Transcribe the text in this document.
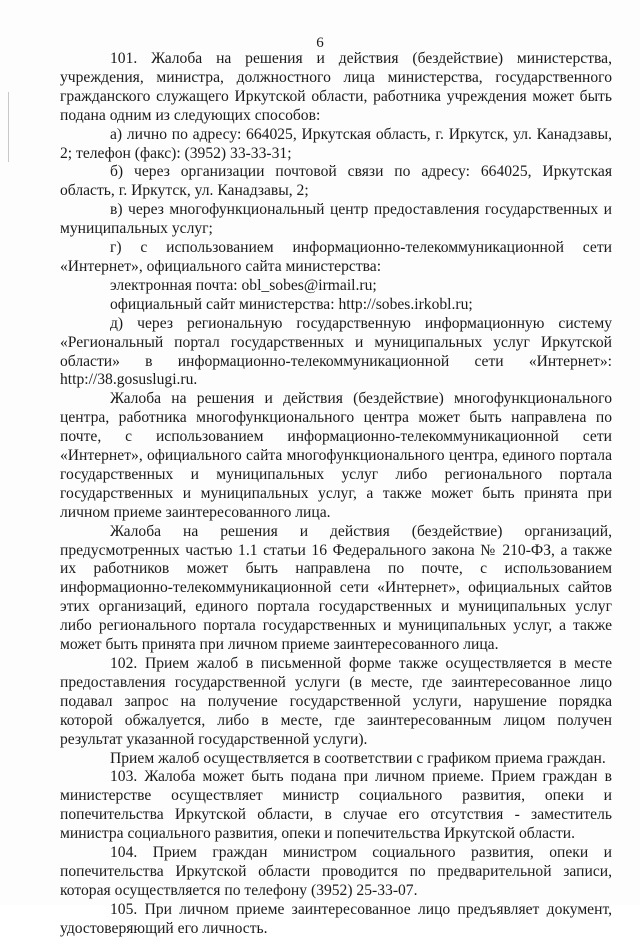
6

101. Жалоба на решения и действия (бездействие) министерства, учреждения, министра, должностного лица министерства, государственного гражданского служащего Иркутской области, работника учреждения может быть подана одним из следующих способов:

а) лично по адресу: 664025, Иркутская область, г. Иркутск, ул. Канадзавы, 2; телефон (факс): (3952) 33-33-31;

б) через организации почтовой связи по адресу: 664025, Иркутская область, г. Иркутск, ул. Канадзавы, 2;

в) через многофункциональный центр предоставления государственных и муниципальных услуг;

г) с использованием информационно-телекоммуникационной сети «Интернет», официального сайта министерства:

электронная почта: obl_sobes@irmail.ru;

официальный сайт министерства: http://sobes.irkobl.ru;

д) через региональную государственную информационную систему «Региональный портал государственных и муниципальных услуг Иркутской области» в информационно-телекоммуникационной сети «Интернет»: http://38.gosuslugi.ru.

Жалоба на решения и действия (бездействие) многофункционального центра, работника многофункционального центра может быть направлена по почте, с использованием информационно-телекоммуникационной сети «Интернет», официального сайта многофункционального центра, единого портала государственных и муниципальных услуг либо регионального портала государственных и муниципальных услуг, а также может быть принята при личном приеме заинтересованного лица.

Жалоба на решения и действия (бездействие) организаций, предусмотренных частью 1.1 статьи 16 Федерального закона № 210-ФЗ, а также их работников может быть направлена по почте, с использованием информационно-телекоммуникационной сети «Интернет», официальных сайтов этих организаций, единого портала государственных и муниципальных услуг либо регионального портала государственных и муниципальных услуг, а также может быть принята при личном приеме заинтересованного лица.

102. Прием жалоб в письменной форме также осуществляется в месте предоставления государственной услуги (в месте, где заинтересованное лицо подавал запрос на получение государственной услуги, нарушение порядка которой обжалуется, либо в месте, где заинтересованным лицом получен результат указанной государственной услуги).

Прием жалоб осуществляется в соответствии с графиком приема граждан.

103. Жалоба может быть подана при личном приеме. Прием граждан в министерстве осуществляет министр социального развития, опеки и попечительства Иркутской области, в случае его отсутствия - заместитель министра социального развития, опеки и попечительства Иркутской области.

104. Прием граждан министром социального развития, опеки и попечительства Иркутской области проводится по предварительной записи, которая осуществляется по телефону (3952) 25-33-07.

105. При личном приеме заинтересованное лицо предъявляет документ, удостоверяющий его личность.
